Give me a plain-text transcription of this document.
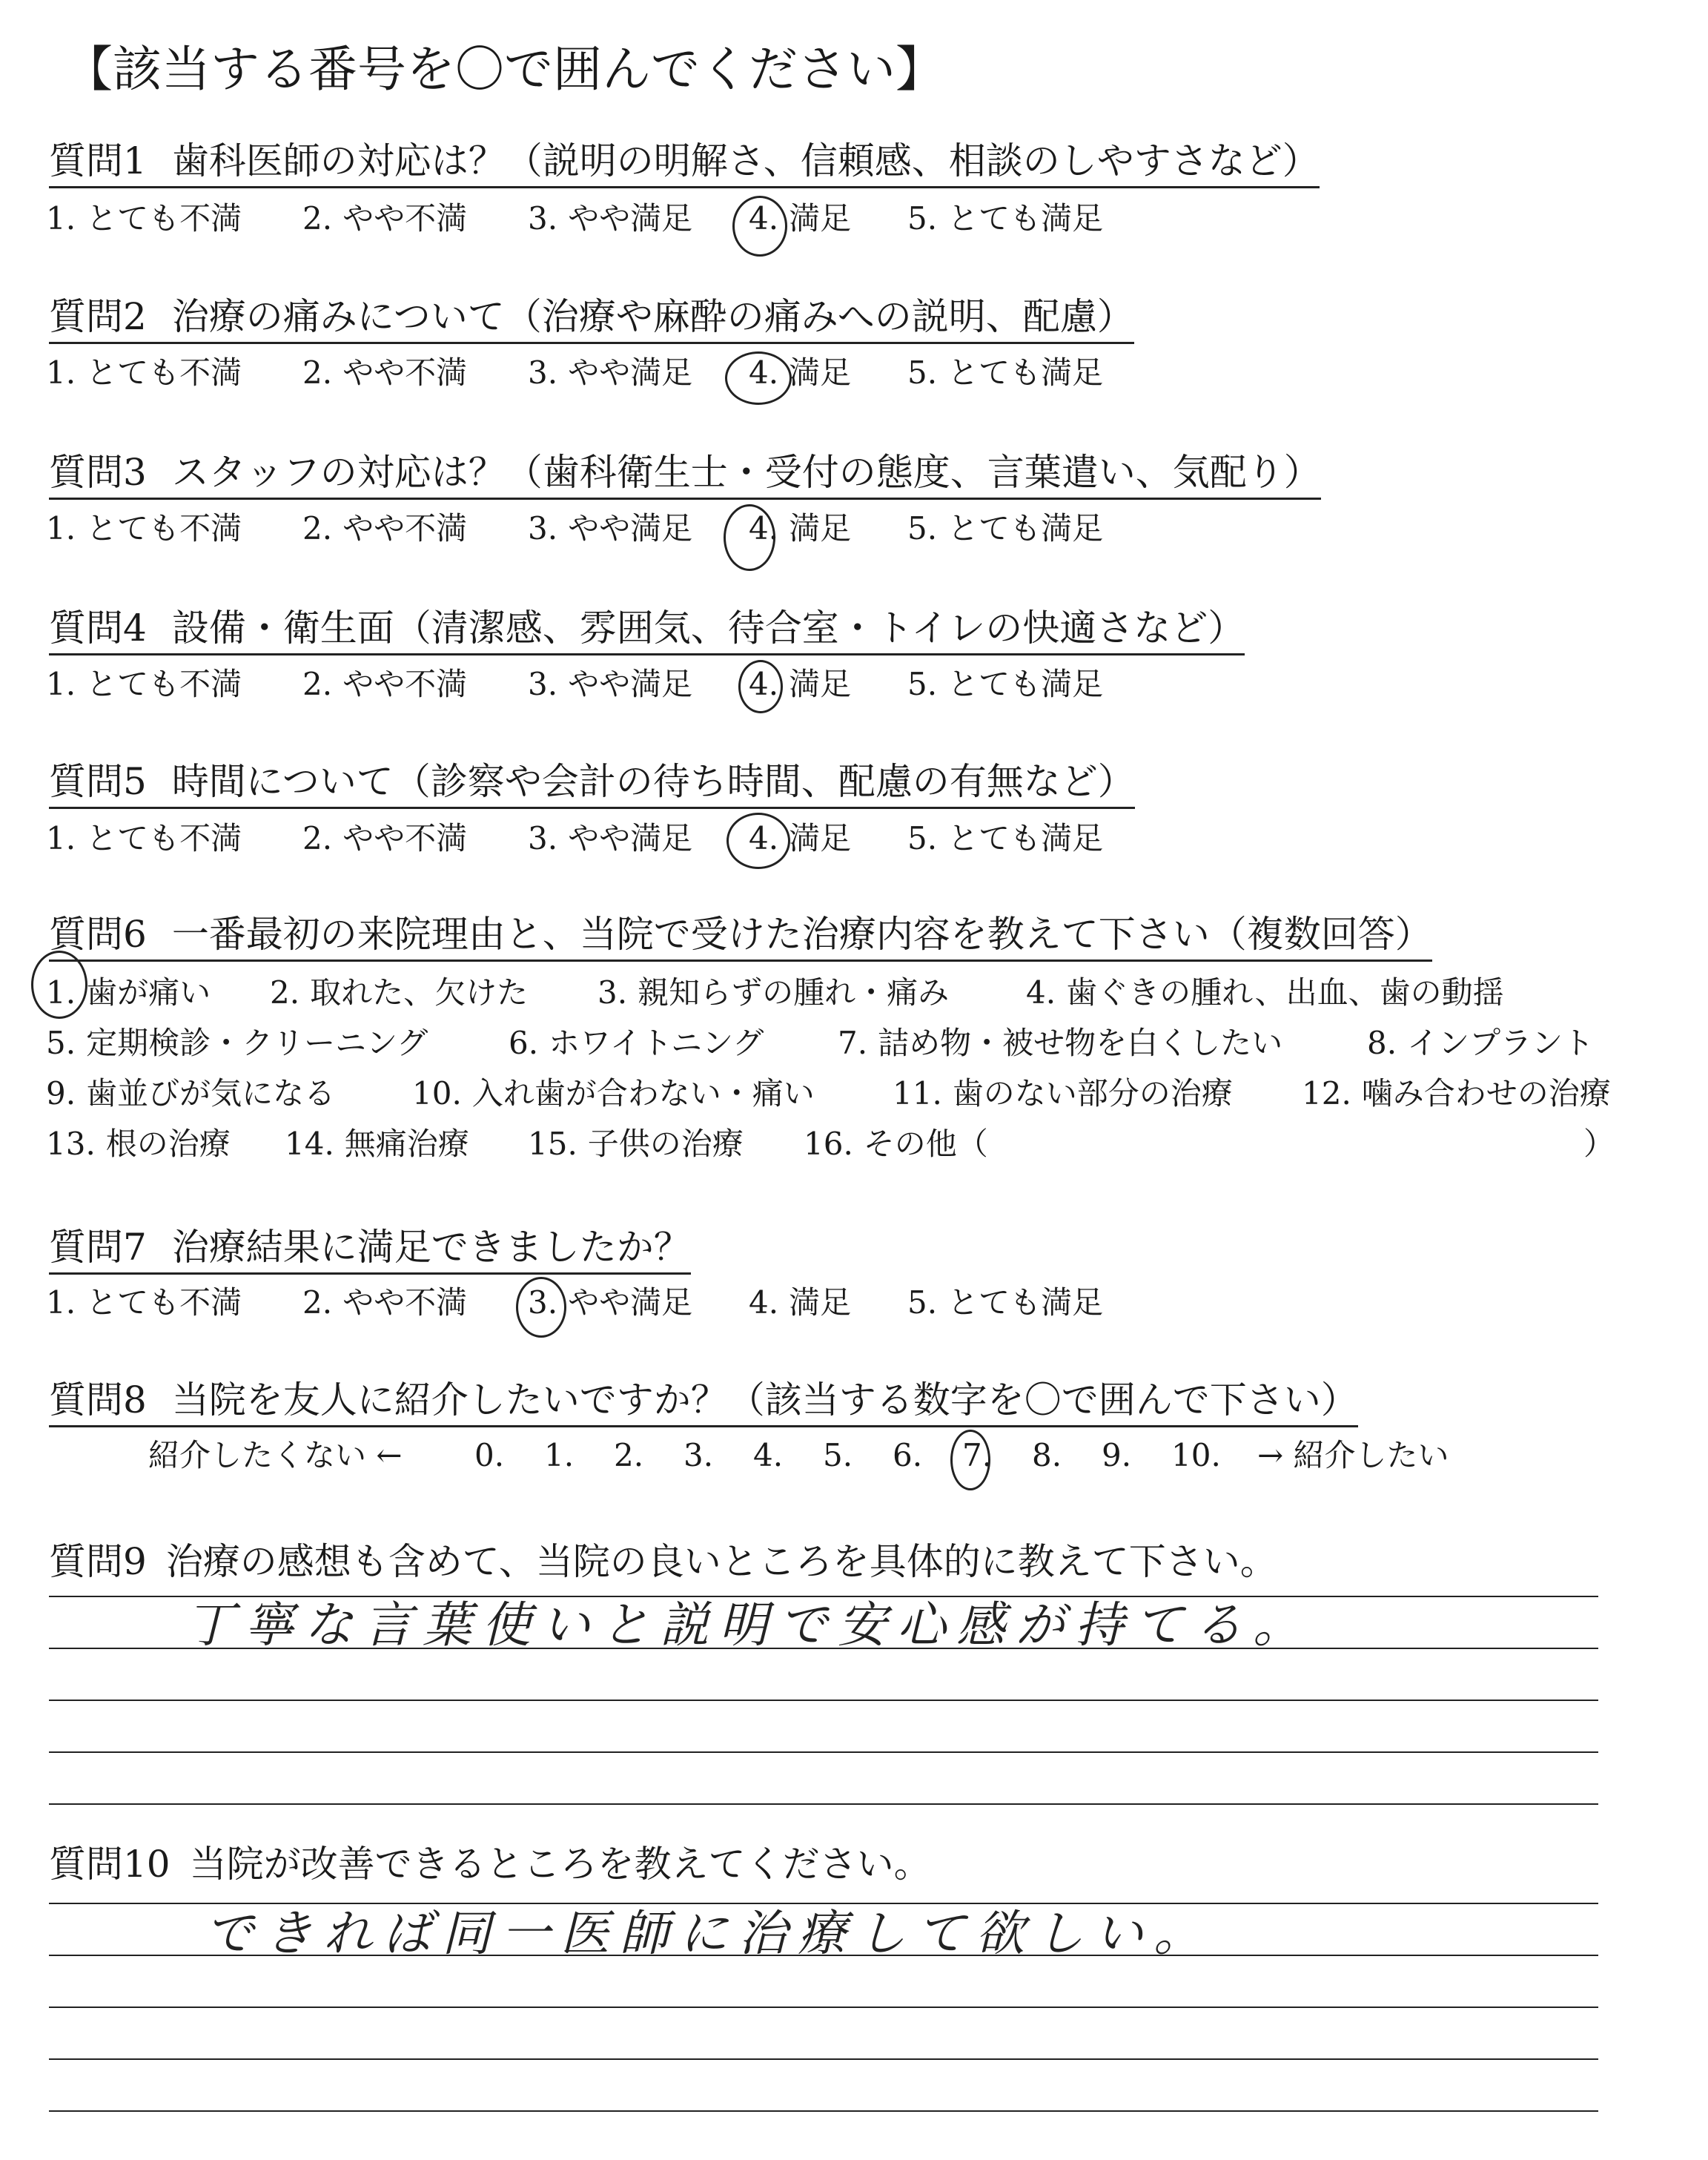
【該当する番号を〇で囲んでください】
質問1 歯科医師の対応は？（説明の明解さ、信頼感、相談のしやすさなど）
1. とても不満 2. やや不満 3. やや満足 4. 満足 5. とても満足
質問2 治療の痛みについて（治療や麻酔の痛みへの説明、配慮）
1. とても不満 2. やや不満 3. やや満足 4. 満足 5. とても満足
質問3 スタッフの対応は？（歯科衛生士・受付の態度、言葉遣い、気配り）
1. とても不満 2. やや不満 3. やや満足 4. 満足 5. とても満足
質問4 設備・衛生面（清潔感、雰囲気、待合室・トイレの快適さなど）
1. とても不満 2. やや不満 3. やや満足 4. 満足 5. とても満足
質問5 時間について（診察や会計の待ち時間、配慮の有無など）
1. とても不満 2. やや不満 3. やや満足 4. 満足 5. とても満足
質問6 一番最初の来院理由と、当院で受けた治療内容を教えて下さい（複数回答）
1. 歯が痛い 2. 取れた、欠けた 3. 親知らずの腫れ・痛み 4. 歯ぐきの腫れ、出血、歯の動揺
5. 定期検診・クリーニング	6. ホワイトニング 7. 詰め物・被せ物を白くしたい	8. インプラント
9. 歯並びが気になる 10. 入れ歯が合わない・痛い	11. 歯のない部分の治療 12. 噛み合わせの治療
13. 根の治療 14. 無痛治療 15. 子供の治療 16. その他（	）
質問7 治療結果に満足できましたか？
1. とても不満 2. やや不満 3. やや満足 4. 満足 5. とても満足
質問8 当院を友人に紹介したいですか？（該当する数字を〇で囲んで下さい）
紹介したくない ← 0. 1. 2. 3. 4. 5. 6. 7. 8. 9. 10. → 紹介したい
質問9 治療の感想も含めて、当院の良いところを具体的に教えて下さい。
丁寧な言葉使いと説明で安心感が持てる。
質問10 当院が改善できるところを教えてください。
できれば同一医師に治療して欲しい。
